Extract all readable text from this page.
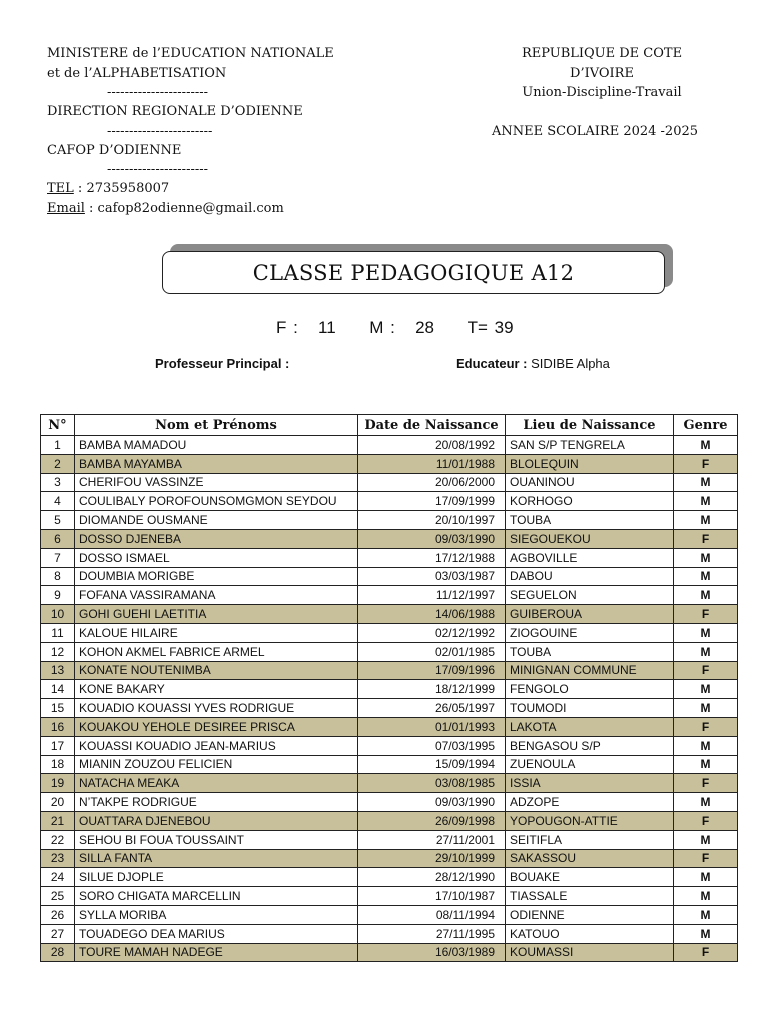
MINISTERE de l’EDUCATION NATIONALE
et de l’ALPHABETISATION
-----------------------
DIRECTION REGIONALE D’ODIENNE
------------------------
CAFOP D’ODIENNE
-----------------------
TEL : 2735958007
Email : cafop82odienne@gmail.com
REPUBLIQUE DE COTE D’IVOIRE
Union-Discipline-Travail
ANNEE SCOLAIRE 2024 -2025
CLASSE PEDAGOGIQUE A12
F : 11 M : 28 T= 39
Professeur Principal :	Educateur : SIDIBE Alpha
N°	Nom et Prénoms	Date de Naissance	Lieu de Naissance	Genre
1	BAMBA MAMADOU	20/08/1992	SAN S/P TENGRELA	M
2	BAMBA MAYAMBA	11/01/1988	BLOLEQUIN	F
3	CHERIFOU VASSINZE	20/06/2000	OUANINOU	M
4	COULIBALY POROFOUNSOMGMON SEYDOU	17/09/1999	KORHOGO	M
5	DIOMANDE OUSMANE	20/10/1997	TOUBA	M
6	DOSSO DJENEBA	09/03/1990	SIEGOUEKOU	F
7	DOSSO ISMAEL	17/12/1988	AGBOVILLE	M
8	DOUMBIA MORIGBE	03/03/1987	DABOU	M
9	FOFANA VASSIRAMANA	11/12/1997	SEGUELON	M
10	GOHI GUEHI LAETITIA	14/06/1988	GUIBEROUA	F
11	KALOUE HILAIRE	02/12/1992	ZIOGOUINE	M
12	KOHON AKMEL FABRICE ARMEL	02/01/1985	TOUBA	M
13	KONATE NOUTENIMBA	17/09/1996	MINIGNAN COMMUNE	F
14	KONE BAKARY	18/12/1999	FENGOLO	M
15	KOUADIO KOUASSI YVES RODRIGUE	26/05/1997	TOUMODI	M
16	KOUAKOU YEHOLE DESIREE PRISCA	01/01/1993	LAKOTA	F
17	KOUASSI KOUADIO JEAN-MARIUS	07/03/1995	BENGASOU S/P	M
18	MIANIN ZOUZOU FELICIEN	15/09/1994	ZUENOULA	M
19	NATACHA MEAKA	03/08/1985	ISSIA	F
20	N’TAKPE RODRIGUE	09/03/1990	ADZOPE	M
21	OUATTARA DJENEBOU	26/09/1998	YOPOUGON-ATTIE	F
22	SEHOU BI FOUA TOUSSAINT	27/11/2001	SEITIFLA	M
23	SILLA FANTA	29/10/1999	SAKASSOU	F
24	SILUE DJOPLE	28/12/1990	BOUAKE	M
25	SORO CHIGATA MARCELLIN	17/10/1987	TIASSALE	M
26	SYLLA MORIBA	08/11/1994	ODIENNE	M
27	TOUADEGO DEA MARIUS	27/11/1995	KATOUO	M
28	TOURE MAMAH NADEGE	16/03/1989	KOUMASSI	F
